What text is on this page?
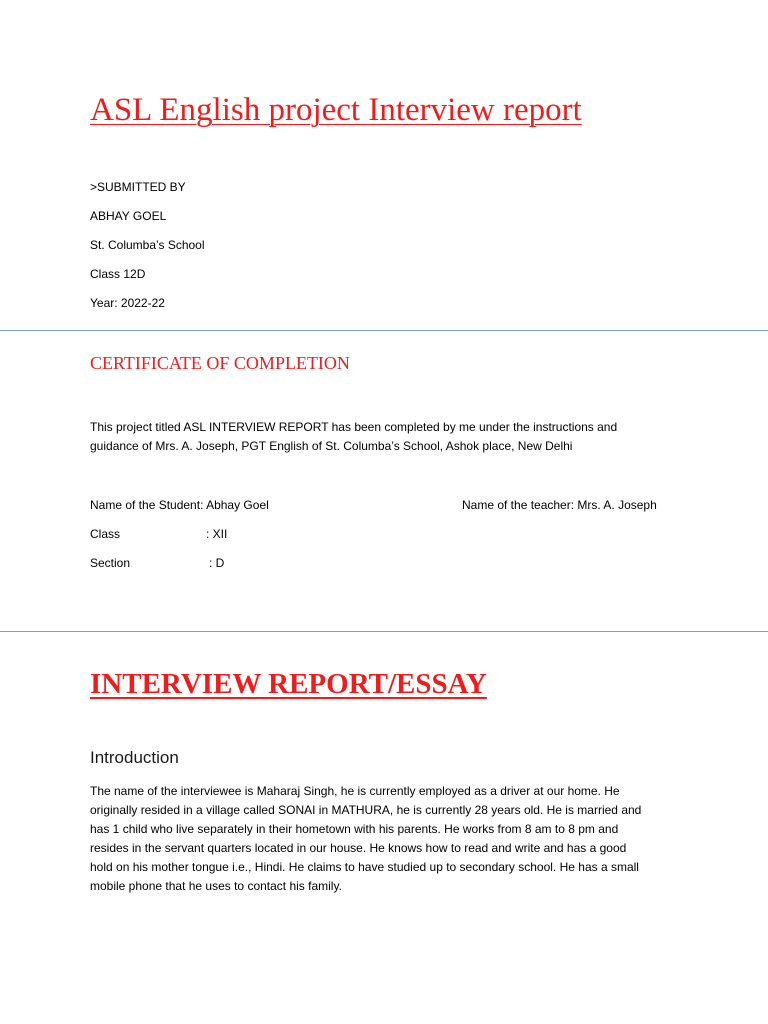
ASL English project Interview report
>SUBMITTED BY
ABHAY GOEL
St. Columba’s School
Class 12D
Year: 2022-22
CERTIFICATE OF COMPLETION
This project titled ASL INTERVIEW REPORT has been completed by me under the instructions and
guidance of Mrs. A. Joseph, PGT English of St. Columba’s School, Ashok place, New Delhi
Name of the Student: Abhay Goel	Name of the teacher: Mrs. A. Joseph
Class	: XII
Section	: D
INTERVIEW REPORT/ESSAY
Introduction
The name of the interviewee is Maharaj Singh, he is currently employed as a driver at our home. He
originally resided in a village called SONAI in MATHURA, he is currently 28 years old. He is married and
has 1 child who live separately in their hometown with his parents. He works from 8 am to 8 pm and
resides in the servant quarters located in our house. He knows how to read and write and has a good
hold on his mother tongue i.e., Hindi. He claims to have studied up to secondary school. He has a small
mobile phone that he uses to contact his family.
